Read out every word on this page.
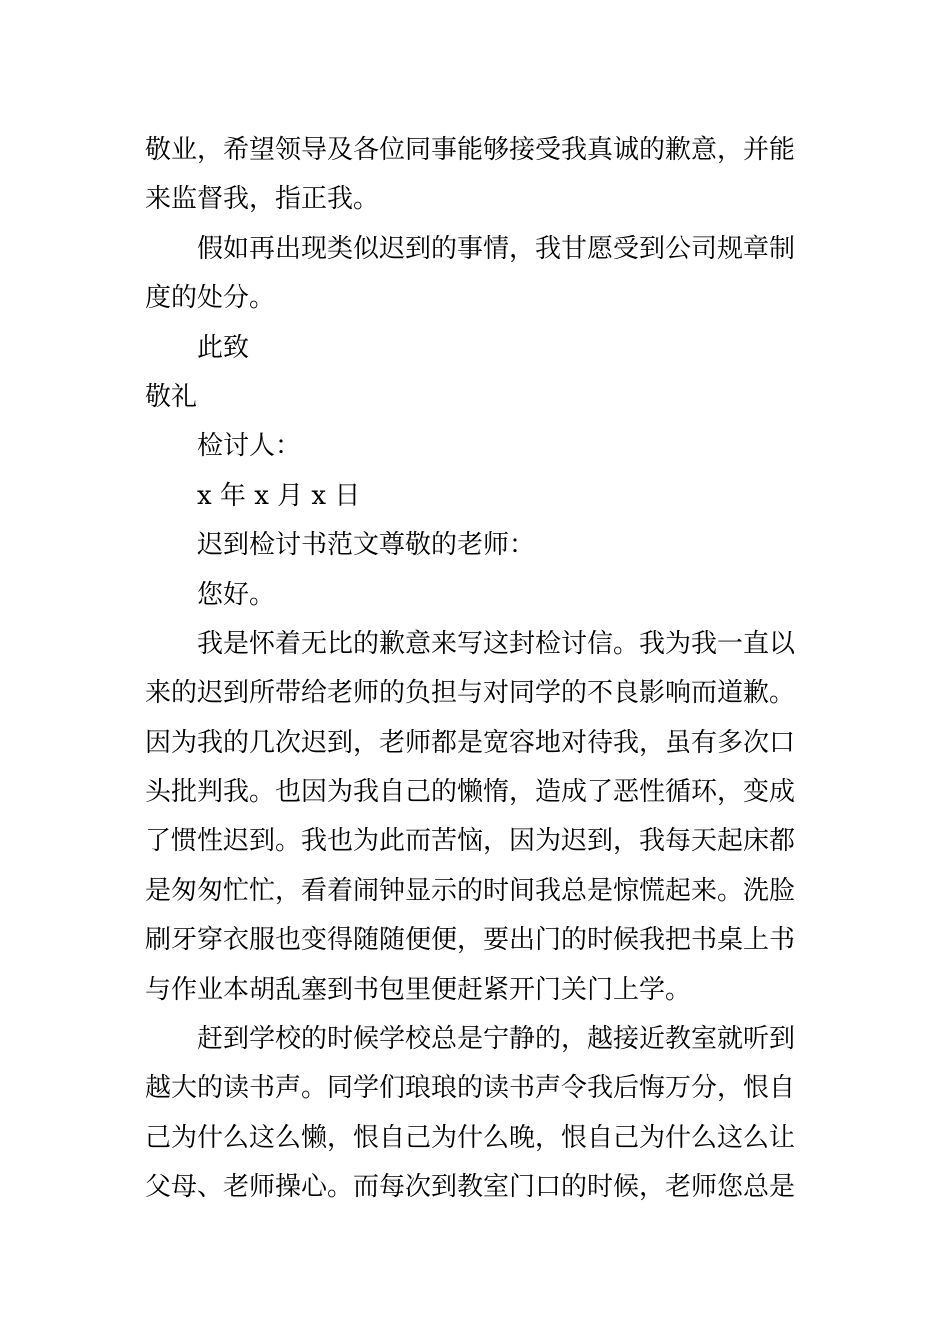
敬业，希望领导及各位同事能够接受我真诚的歉意，并能
来监督我，指正我。
假如再出现类似迟到的事情，我甘愿受到公司规章制
度的处分。
此致
敬礼
检讨人：
x 年 x 月 x 日
迟到检讨书范文尊敬的老师：
您好。
我是怀着无比的歉意来写这封检讨信。我为我一直以
来的迟到所带给老师的负担与对同学的不良影响而道歉。
因为我的几次迟到，老师都是宽容地对待我，虽有多次口
头批判我。也因为我自己的懒惰，造成了恶性循环，变成
了惯性迟到。我也为此而苦恼，因为迟到，我每天起床都
是匆匆忙忙，看着闹钟显示的时间我总是惊慌起来。洗脸
刷牙穿衣服也变得随随便便，要出门的时候我把书桌上书
与作业本胡乱塞到书包里便赶紧开门关门上学。
赶到学校的时候学校总是宁静的，越接近教室就听到
越大的读书声。同学们琅琅的读书声令我后悔万分，恨自
己为什么这么懒，恨自己为什么晚，恨自己为什么这么让
父母、老师操心。而每次到教室门口的时候，老师您总是
